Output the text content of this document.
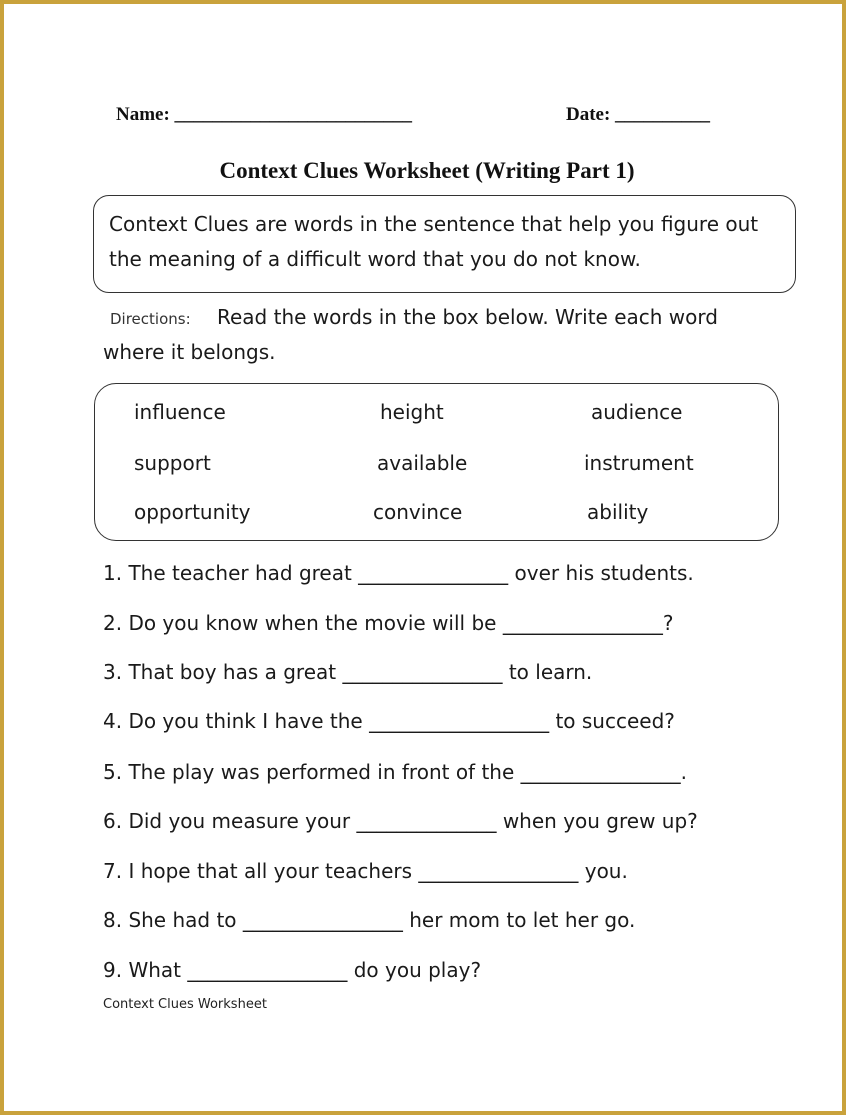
Name: _________________________	Date: __________
Context Clues Worksheet (Writing Part 1)
Context Clues are words in the sentence that help you figure out the meaning of a difficult word that you do not know.
Directions: Read the words in the box below. Write each word
where it belongs.
influence	height	audience
support	available	instrument
opportunity	convince	ability
1. The teacher had great _______________ over his students.
2. Do you know when the movie will be ________________?
3. That boy has a great ________________ to learn.
4. Do you think I have the __________________ to succeed?
5. The play was performed in front of the ________________.
6. Did you measure your ______________ when you grew up?
7. I hope that all your teachers ________________ you.
8. She had to ________________ her mom to let her go.
9. What ________________ do you play?
Context Clues Worksheet
